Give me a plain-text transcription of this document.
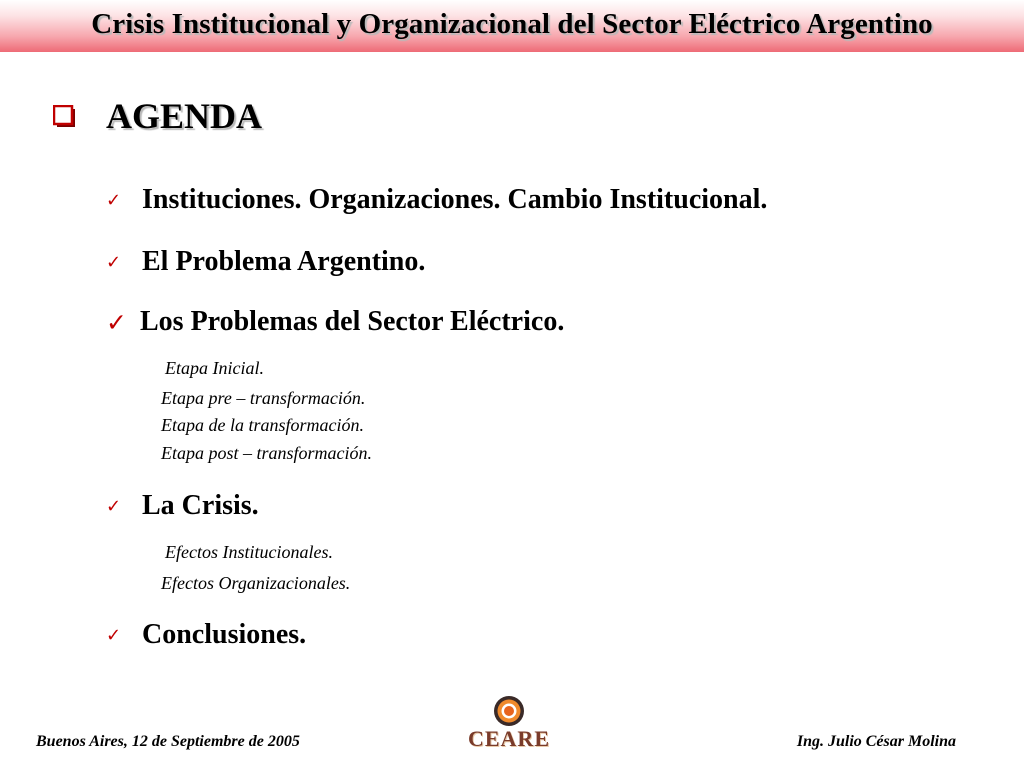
Crisis Institucional y Organizacional del Sector Eléctrico Argentino
AGENDA
✓ Instituciones. Organizaciones. Cambio Institucional.
✓ El Problema Argentino.
✓ Los Problemas del Sector Eléctrico.
Etapa Inicial.
Etapa pre – transformación.
Etapa de la transformación.
Etapa post – transformación.
✓ La Crisis.
Efectos Institucionales.
Efectos Organizacionales.
✓ Conclusiones.
Buenos Aires, 12 de Septiembre de 2005	CEARE	Ing. Julio César Molina
